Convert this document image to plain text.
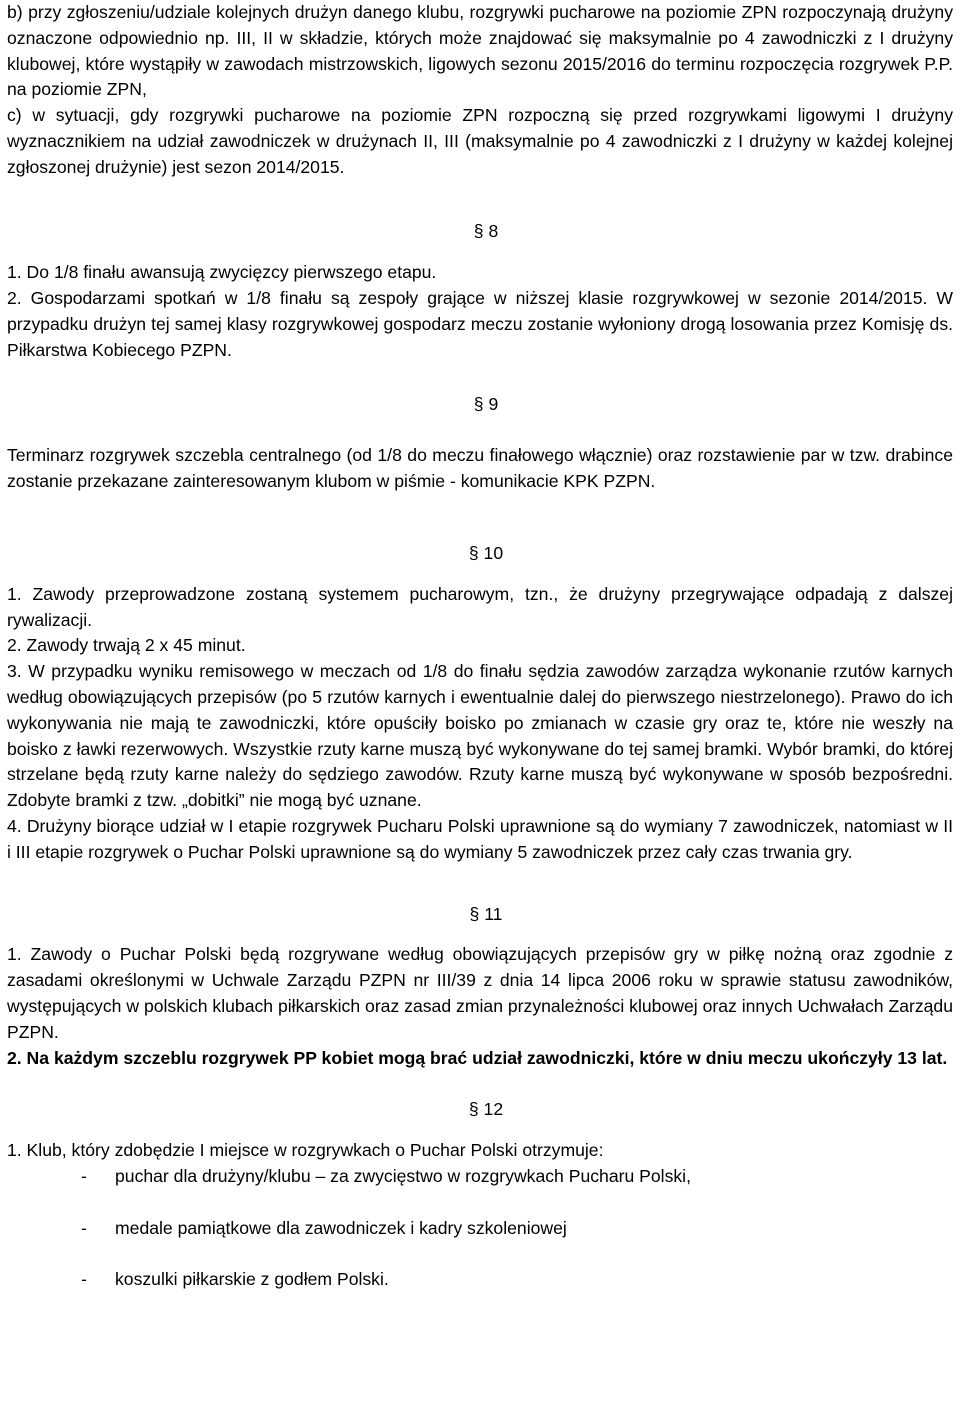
b) przy zgłoszeniu/udziale kolejnych drużyn danego klubu, rozgrywki pucharowe na poziomie ZPN rozpoczynają drużyny oznaczone odpowiednio np. III, II w składzie, których może znajdować się maksymalnie po 4 zawodniczki z I drużyny klubowej, które wystąpiły w zawodach mistrzowskich, ligowych sezonu 2015/2016 do terminu rozpoczęcia rozgrywek P.P. na poziomie ZPN,

c) w sytuacji, gdy rozgrywki pucharowe na poziomie ZPN rozpoczną się przed rozgrywkami ligowymi I drużyny wyznacznikiem na udział zawodniczek w drużynach II, III (maksymalnie po 4 zawodniczki z I drużyny w każdej kolejnej zgłoszonej drużynie) jest sezon 2014/2015.

§ 8

1. Do 1/8 finału awansują zwycięzcy pierwszego etapu.

2. Gospodarzami spotkań w 1/8 finału są zespoły grające w niższej klasie rozgrywkowej w sezonie 2014/2015. W przypadku drużyn tej samej klasy rozgrywkowej gospodarz meczu zostanie wyłoniony drogą losowania przez Komisję ds. Piłkarstwa Kobiecego PZPN.

§ 9

Terminarz rozgrywek szczebla centralnego (od 1/8 do meczu finałowego włącznie) oraz rozstawienie par w tzw. drabince zostanie przekazane zainteresowanym klubom w piśmie - komunikacie KPK PZPN.

§ 10

1. Zawody przeprowadzone zostaną systemem pucharowym, tzn., że drużyny przegrywające odpadają z dalszej rywalizacji.

2. Zawody trwają 2 x 45 minut.

3. W przypadku wyniku remisowego w meczach od 1/8 do finału sędzia zawodów zarządza wykonanie rzutów karnych według obowiązujących przepisów (po 5 rzutów karnych i ewentualnie dalej do pierwszego niestrzelonego). Prawo do ich wykonywania nie mają te zawodniczki, które opuściły boisko po zmianach w czasie gry oraz te, które nie weszły na boisko z ławki rezerwowych. Wszystkie rzuty karne muszą być wykonywane do tej samej bramki. Wybór bramki, do której strzelane będą rzuty karne należy do sędziego zawodów. Rzuty karne muszą być wykonywane w sposób bezpośredni. Zdobyte bramki z tzw. „dobitki” nie mogą być uznane.

4. Drużyny biorące udział w I etapie rozgrywek Pucharu Polski uprawnione są do wymiany 7 zawodniczek, natomiast w II i III etapie rozgrywek o Puchar Polski uprawnione są do wymiany 5 zawodniczek przez cały czas trwania gry.

§ 11

1. Zawody o Puchar Polski będą rozgrywane według obowiązujących przepisów gry w piłkę nożną oraz zgodnie z zasadami określonymi w Uchwale Zarządu PZPN nr III/39 z dnia 14 lipca 2006 roku w sprawie statusu zawodników, występujących w polskich klubach piłkarskich oraz zasad zmian przynależności klubowej oraz innych Uchwałach Zarządu PZPN.

2. Na każdym szczeblu rozgrywek PP kobiet mogą brać udział zawodniczki, które w dniu meczu ukończyły 13 lat.

§ 12

1. Klub, który zdobędzie I miejsce w rozgrywkach o Puchar Polski otrzymuje:

-	puchar dla drużyny/klubu – za zwycięstwo w rozgrywkach Pucharu Polski,
-	medale pamiątkowe dla zawodniczek i kadry szkoleniowej
-	koszulki piłkarskie z godłem Polski.
